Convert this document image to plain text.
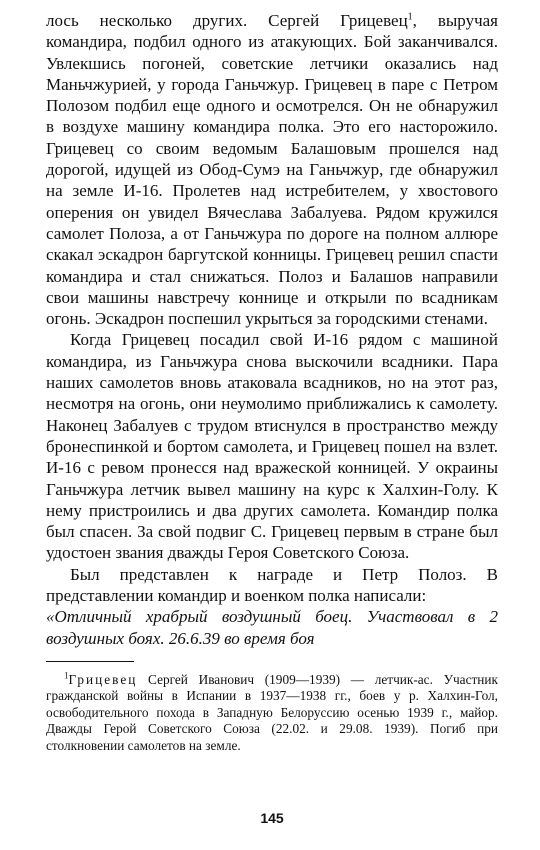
лось несколько других. Сергей Грицевец$^1$, выручая командира, подбил одного из атакующих. Бой заканчивался. Увлекшись погоней, советские летчики оказались над Маньчжурией, у города Ганьчжур. Грицевец в паре с Петром Полозом подбил еще одного и осмотрелся. Он не обнаружил в воздухе машину командира полка. Это его насторожило. Грицевец со своим ведомым Балашовым прошелся над дорогой, идущей из Обод-Сумэ на Ганьчжур, где обнаружил на земле И-16. Пролетев над истребителем, у хвостового оперения он увидел Вячеслава Забалуева. Рядом кружился самолет Полоза, а от Ганьчжура по дороге на полном аллюре скакал эскадрон баргутской конницы. Грицевец решил спасти командира и стал снижаться. Полоз и Балашов направили свои машины навстречу коннице и открыли по всадникам огонь. Эскадрон поспешил укрыться за городскими стенами.

Когда Грицевец посадил свой И-16 рядом с машиной командира, из Ганьчжура снова выскочили всадники. Пара наших самолетов вновь атаковала всадников, но на этот раз, несмотря на огонь, они неумолимо приближались к самолету. Наконец Забалуев с трудом втиснулся в пространство между бронеспинкой и бортом самолета, и Грицевец пошел на взлет. И-16 с ревом пронесся над вражеской конницей. У окраины Ганьчжура летчик вывел машину на курс к Халхин-Голу. К нему пристроились и два других самолета. Командир полка был спасен. За свой подвиг С. Грицевец первым в стране был удостоен звания дважды Героя Советского Союза.

Был представлен к награде и Петр Полоз. В представлении командир и военком полка написали:

«Отличный храбрый воздушный боец. Участвовал в 2 воздушных боях. 26.6.39 во время боя

$^1$Грицевец Сергей Иванович (1909—1939) — летчик-ас. Участник гражданской войны в Испании в 1937—1938 гг., боев у р. Халхин-Гол, освободительного похода в Западную Белоруссию осенью 1939 г., майор. Дважды Герой Советского Союза (22.02. и 29.08. 1939). Погиб при столкновении самолетов на земле.

145
